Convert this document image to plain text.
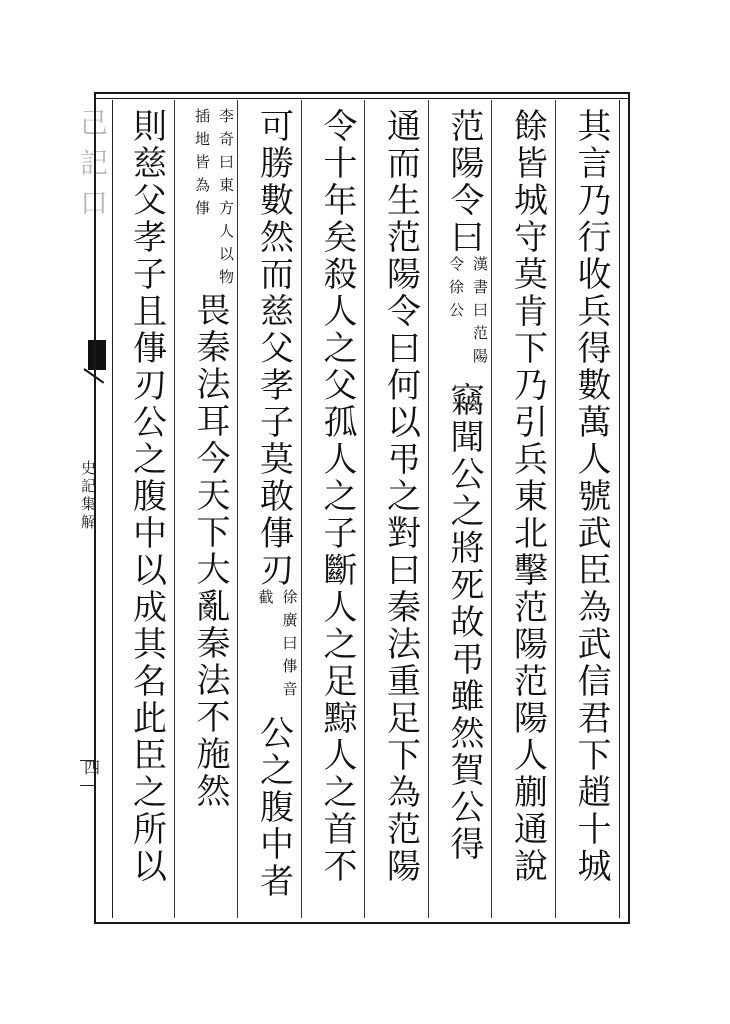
己記口
史記集解
四	其言乃行收兵得數萬人號武臣為武信君下趙十城
餘皆城守莫肯下乃引兵東北擊范陽范陽人蒯通說
范陽令曰漢書曰范陽令徐公竊聞公之將死故弔雖然賀公得
通而生范陽令曰何以弔之對曰秦法重足下為范陽
令十年矣殺人之父孤人之子斷人之足黥人之首不
可勝數然而慈父孝子莫敢倳刃徐廣曰倳音截公之腹中者
李奇曰東方人以物插地皆為倳畏秦法耳今天下大亂秦法不施然
則慈父孝子且倳刃公之腹中以成其名此臣之所以
